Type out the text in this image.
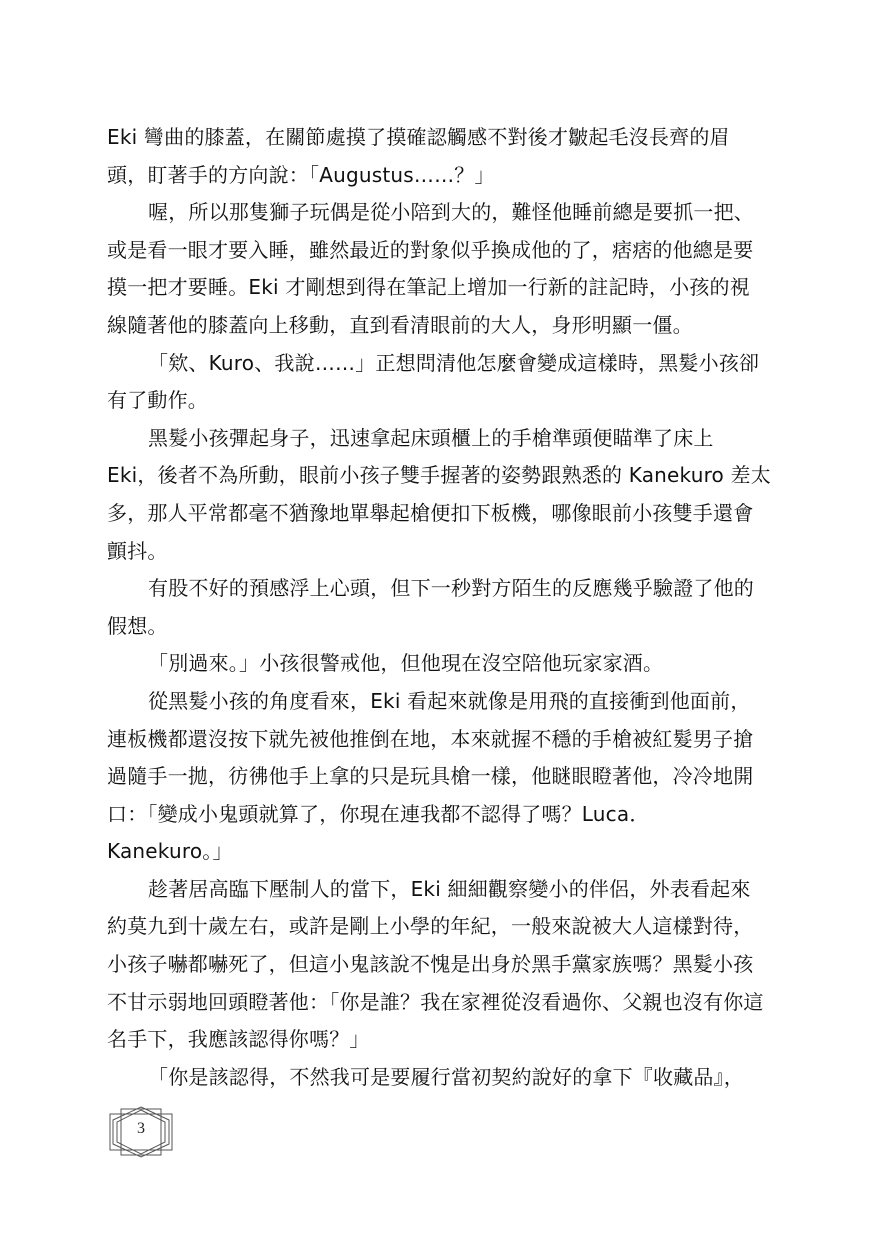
Eki 彎曲的膝蓋，在關節處摸了摸確認觸感不對後才皺起毛沒長齊的眉
頭，盯著手的方向說：「Augustus……？」
喔，所以那隻獅子玩偶是從小陪到大的，難怪他睡前總是要抓一把、
或是看一眼才要入睡，雖然最近的對象似乎換成他的了，痞痞的他總是要
摸一把才要睡。Eki 才剛想到得在筆記上增加一行新的註記時，小孩的視
線隨著他的膝蓋向上移動，直到看清眼前的大人，身形明顯一僵。
「欸、Kuro、我說……」正想問清他怎麼會變成這樣時，黑髮小孩卻
有了動作。
黑髮小孩彈起身子，迅速拿起床頭櫃上的手槍準頭便瞄準了床上
Eki，後者不為所動，眼前小孩子雙手握著的姿勢跟熟悉的 Kanekuro 差太
多，那人平常都毫不猶豫地單舉起槍便扣下板機，哪像眼前小孩雙手還會
顫抖。
有股不好的預感浮上心頭，但下一秒對方陌生的反應幾乎驗證了他的
假想。
「別過來。」小孩很警戒他，但他現在沒空陪他玩家家酒。
從黑髮小孩的角度看來，Eki 看起來就像是用飛的直接衝到他面前，
連板機都還沒按下就先被他推倒在地，本來就握不穩的手槍被紅髮男子搶
過隨手一拋，彷彿他手上拿的只是玩具槍一樣，他瞇眼瞪著他，冷冷地開
口：「變成小鬼頭就算了，你現在連我都不認得了嗎？Luca．
Kanekuro。」
趁著居高臨下壓制人的當下，Eki 細細觀察變小的伴侶，外表看起來
約莫九到十歲左右，或許是剛上小學的年紀，一般來說被大人這樣對待，
小孩子嚇都嚇死了，但這小鬼該說不愧是出身於黑手黨家族嗎？黑髮小孩
不甘示弱地回頭瞪著他：「你是誰？我在家裡從沒看過你、父親也沒有你這
名手下，我應該認得你嗎？」
「你是該認得，不然我可是要履行當初契約說好的拿下『收藏品』，
3
